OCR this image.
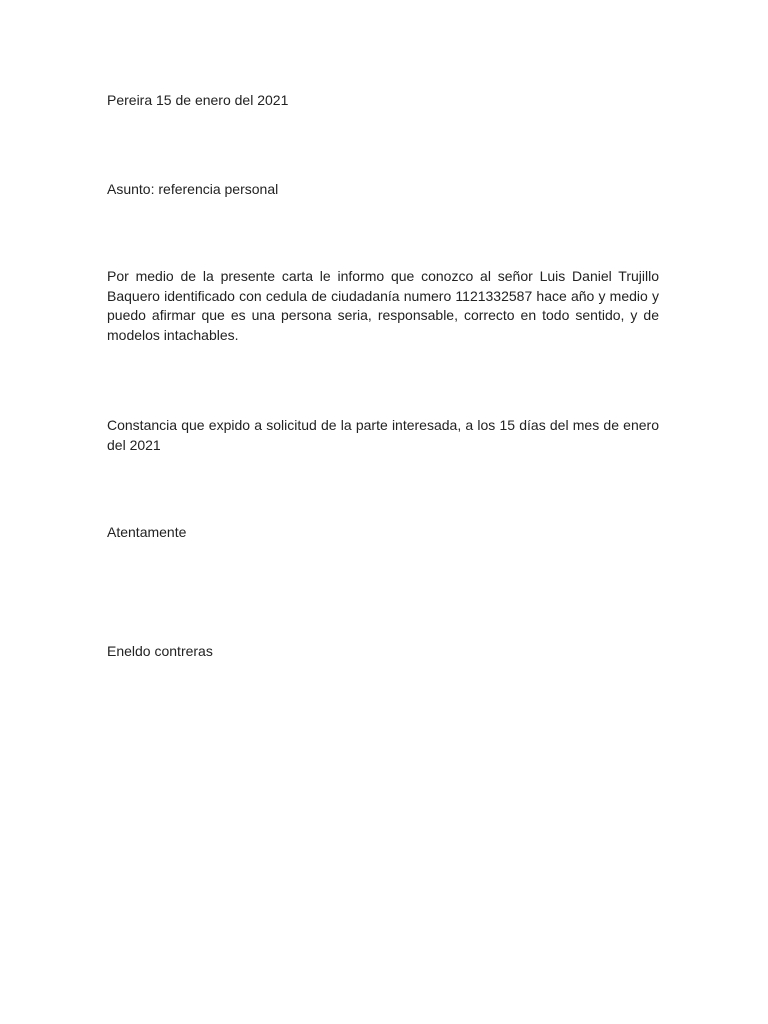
Pereira 15 de enero del 2021

Asunto: referencia personal

Por medio de la presente carta le informo que conozco al señor Luis Daniel Trujillo Baquero identificado con cedula de ciudadanía numero 1121332587 hace año y medio y puedo afirmar que es una persona seria, responsable, correcto en todo sentido, y de modelos intachables.

Constancia que expido a solicitud de la parte interesada, a los 15 días del mes de enero del 2021

Atentamente

Eneldo contreras
